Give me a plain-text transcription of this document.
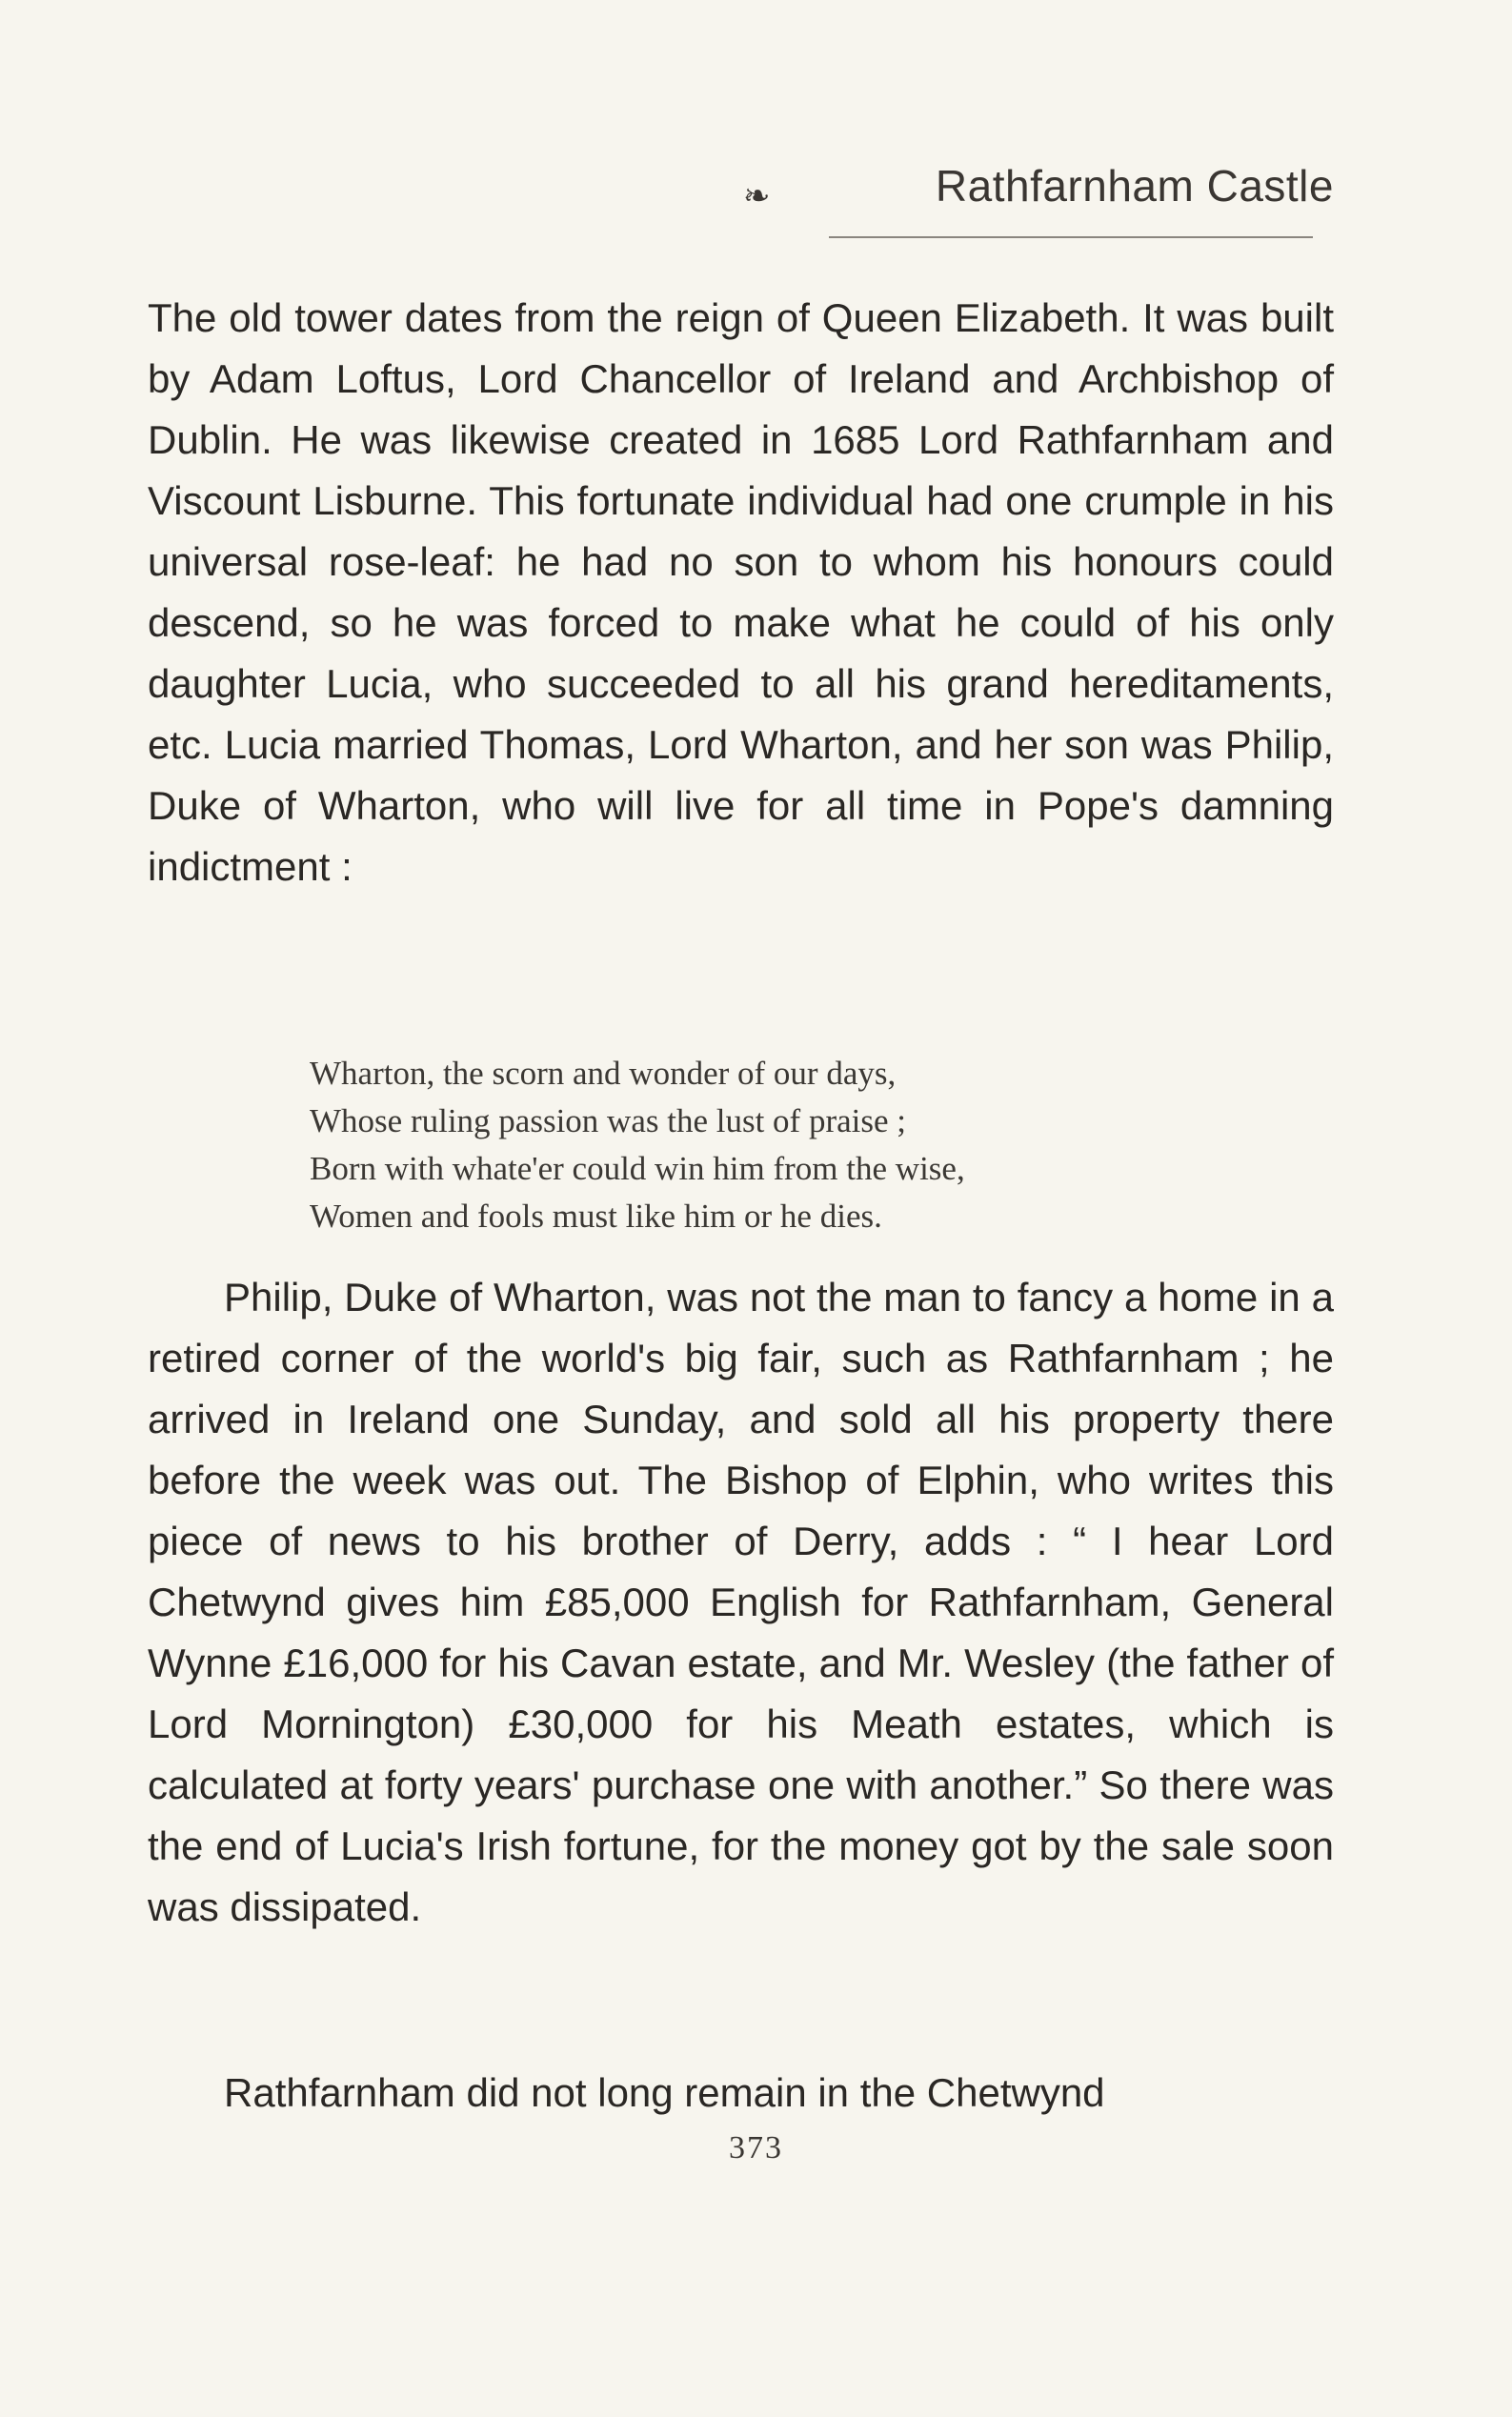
❧	Rathfarnham Castle

The old tower dates from the reign of Queen Elizabeth. It was built by Adam Loftus, Lord Chancellor of Ireland and Archbishop of Dublin. He was likewise created in 1685 Lord Rathfarnham and Viscount Lisburne. This fortunate individual had one crumple in his universal rose-leaf: he had no son to whom his honours could descend, so he was forced to make what he could of his only daughter Lucia, who succeeded to all his grand hereditaments, etc. Lucia married Thomas, Lord Wharton, and her son was Philip, Duke of Wharton, who will live for all time in Pope's damning indictment :

Wharton, the scorn and wonder of our days,
Whose ruling passion was the lust of praise ;
Born with whate'er could win him from the wise,
Women and fools must like him or he dies.

Philip, Duke of Wharton, was not the man to fancy a home in a retired corner of the world's big fair, such as Rathfarnham ; he arrived in Ireland one Sunday, and sold all his property there before the week was out. The Bishop of Elphin, who writes this piece of news to his brother of Derry, adds : “ I hear Lord Chetwynd gives him £85,000 English for Rathfarnham, General Wynne £16,000 for his Cavan estate, and Mr. Wesley (the father of Lord Mornington) £30,000 for his Meath estates, which is calculated at forty years' purchase one with another.” So there was the end of Lucia's Irish fortune, for the money got by the sale soon was dissipated.

Rathfarnham did not long remain in the Chetwynd

373
